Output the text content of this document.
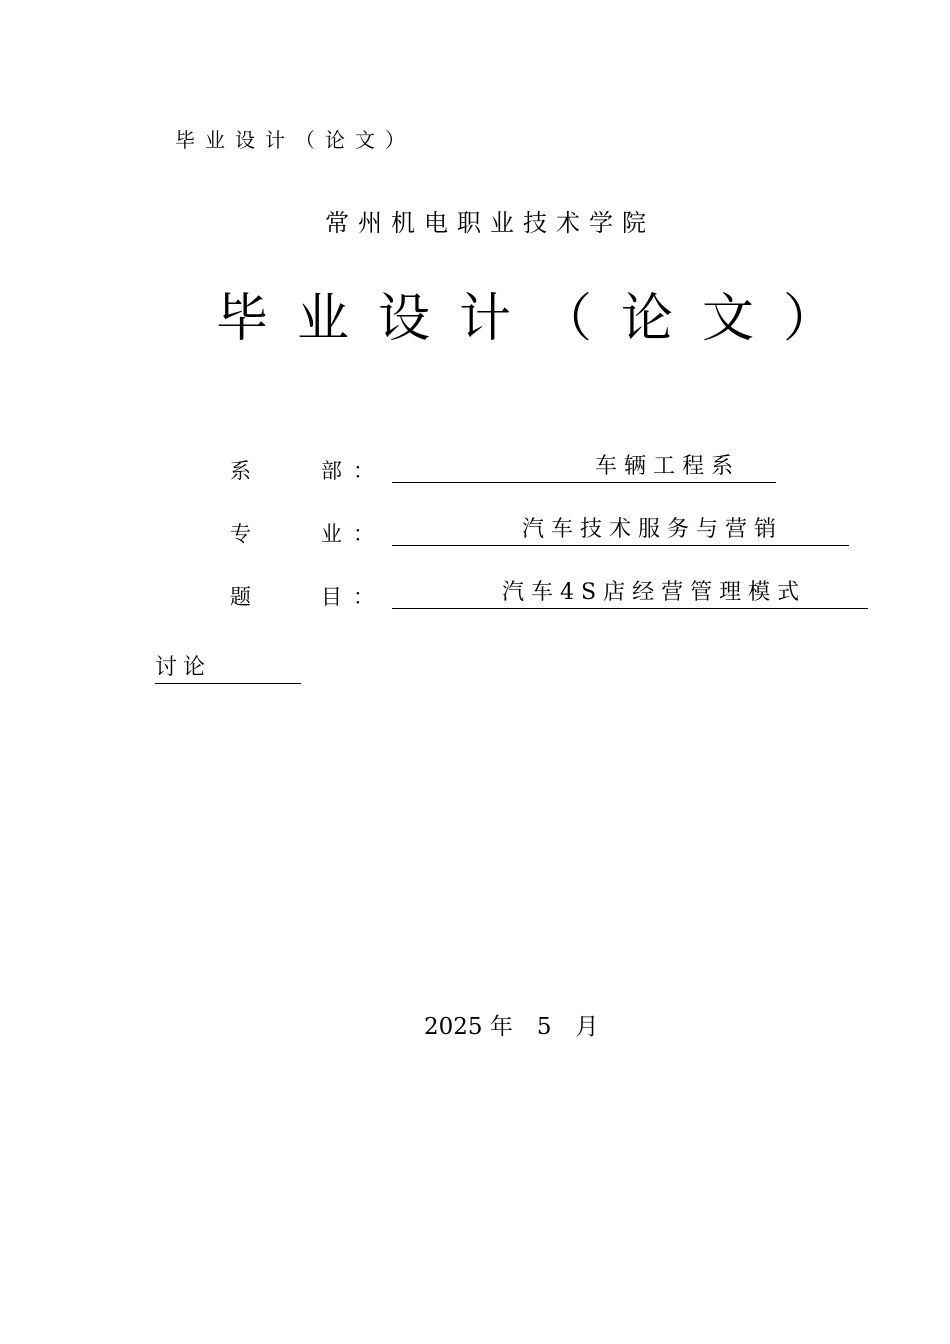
毕业设计（论文）
常州机电职业技术学院
毕业设计（论文）
系	部 ：	车辆工程系
专	业 ：	汽车技术服务与营销
题	目 ：	汽车4S店经营管理模式
讨论
2025 年 5 月
